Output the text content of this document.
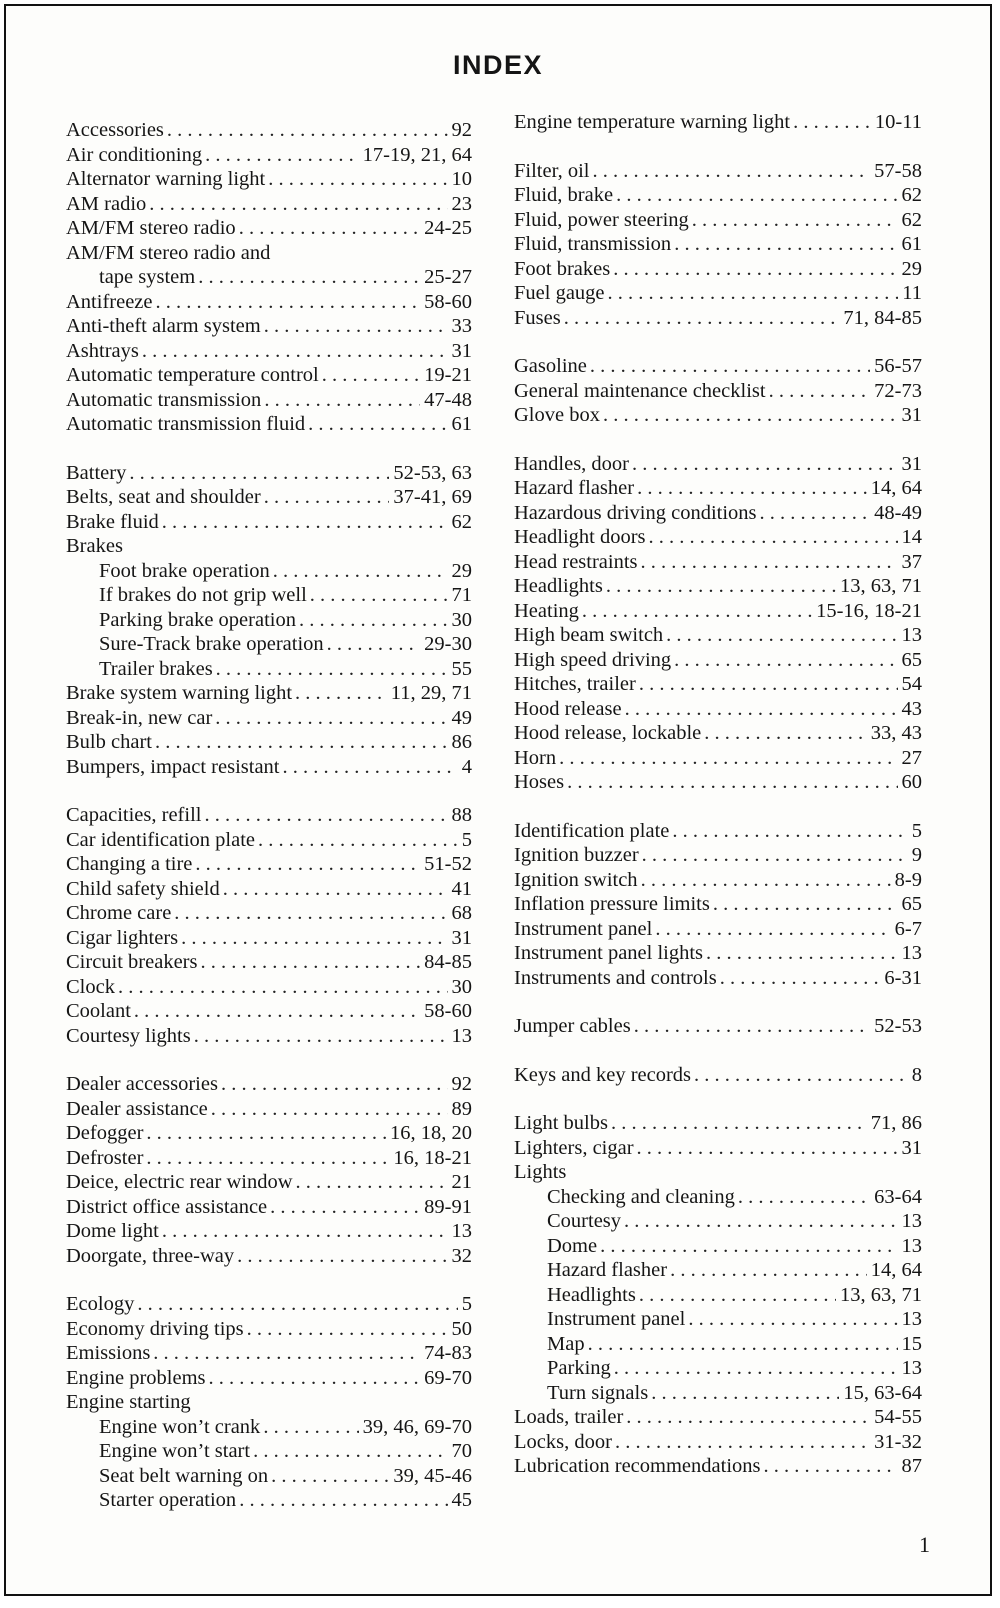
INDEX
Accessories . . .	92
Air conditioning . . .	17-19, 21, 64
Alternator warning light . . .	10
AM radio . . .	23
AM/FM stereo radio . . .	24-25
AM/FM stereo radio and
tape system . . .	25-27
Antifreeze . . .	58-60
Anti-theft alarm system . . .	33
Ashtrays . . .	31
Automatic temperature control . . .	19-21
Automatic transmission . . .	47-48
Automatic transmission fluid . . .	61
Battery . . .	52-53, 63
Belts, seat and shoulder . . .	37-41, 69
Brake fluid . . .	62
Brakes
Foot brake operation . . .	29
If brakes do not grip well . . .	71
Parking brake operation . . .	30
Sure-Track brake operation . . .	29-30
Trailer brakes . . .	55
Brake system warning light . . .	11, 29, 71
Break-in, new car . . .	49
Bulb chart . . .	86
Bumpers, impact resistant . . .	4
Capacities, refill . . .	88
Car identification plate . . .	5
Changing a tire . . .	51-52
Child safety shield . . .	41
Chrome care . . .	68
Cigar lighters . . .	31
Circuit breakers . . .	84-85
Clock . . .	30
Coolant . . .	58-60
Courtesy lights . . .	13
Dealer accessories . . .	92
Dealer assistance . . .	89
Defogger . . .	16, 18, 20
Defroster . . .	16, 18-21
Deice, electric rear window . . .	21
District office assistance . . .	89-91
Dome light . . .	13
Doorgate, three-way . . .	32
Ecology . . .	5
Economy driving tips . . .	50
Emissions . . .	74-83
Engine problems . . .	69-70
Engine starting
Engine won’t crank . . .	39, 46, 69-70
Engine won’t start . . .	70
Seat belt warning on . . .	39, 45-46
Starter operation . . .	45
Engine temperature warning light . . .	10-11
Filter, oil . . .	57-58
Fluid, brake . . .	62
Fluid, power steering . . .	62
Fluid, transmission . . .	61
Foot brakes . . .	29
Fuel gauge . . .	11
Fuses . . .	71, 84-85
Gasoline . . .	56-57
General maintenance checklist . . .	72-73
Glove box . . .	31
Handles, door . . .	31
Hazard flasher . . .	14, 64
Hazardous driving conditions . . .	48-49
Headlight doors . . .	14
Head restraints . . .	37
Headlights . . .	13, 63, 71
Heating . . .	15-16, 18-21
High beam switch . . .	13
High speed driving . . .	65
Hitches, trailer . . .	54
Hood release . . .	43
Hood release, lockable . . .	33, 43
Horn . . .	27
Hoses . . .	60
Identification plate . . .	5
Ignition buzzer . . .	9
Ignition switch . . .	8-9
Inflation pressure limits . . .	65
Instrument panel . . .	6-7
Instrument panel lights . . .	13
Instruments and controls . . .	6-31
Jumper cables . . .	52-53
Keys and key records . . .	8
Light bulbs . . .	71, 86
Lighters, cigar . . .	31
Lights
Checking and cleaning . . .	63-64
Courtesy . . .	13
Dome . . .	13
Hazard flasher . . .	14, 64
Headlights . . .	13, 63, 71
Instrument panel . . .	13
Map . . .	15
Parking . . .	13
Turn signals . . .	15, 63-64
Loads, trailer . . .	54-55
Locks, door . . .	31-32
Lubrication recommendations . . .	87
1
